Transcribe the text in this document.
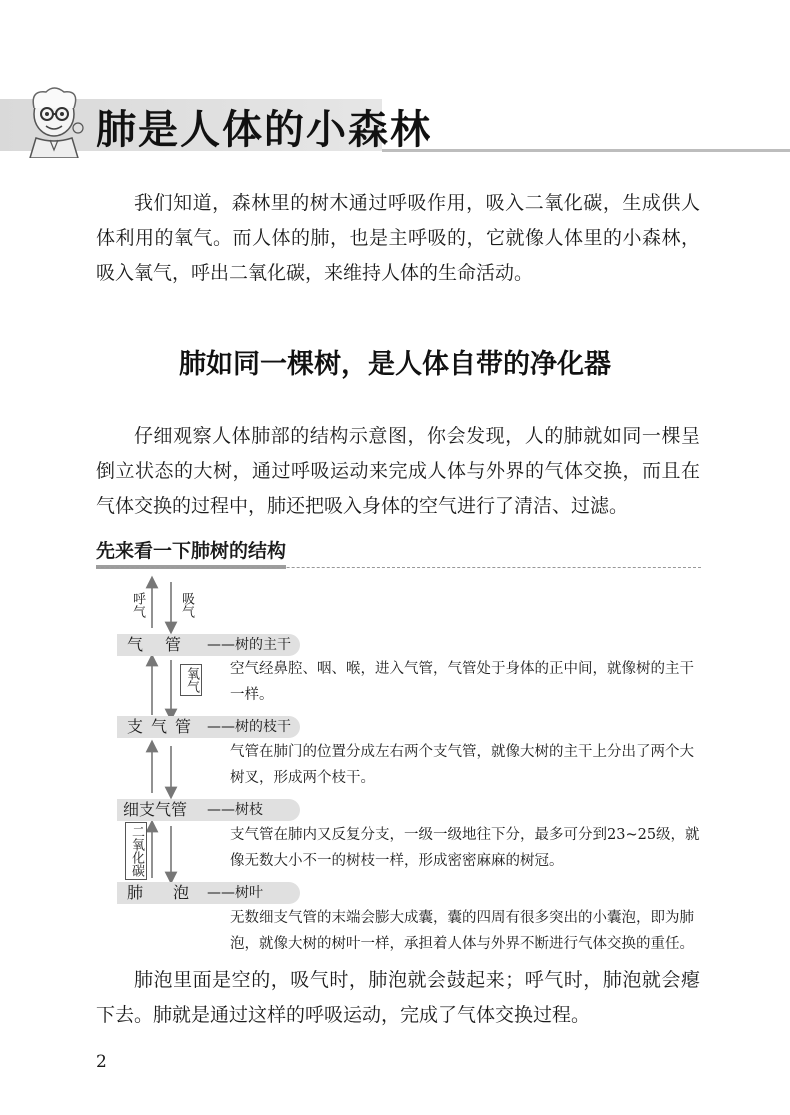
肺是人体的小森林

我们知道，森林里的树木通过呼吸作用，吸入二氧化碳，生成供人体利用的氧气。而人体的肺，也是主呼吸的，它就像人体里的小森林，吸入氧气，呼出二氧化碳，来维持人体的生命活动。

肺如同一棵树，是人体自带的净化器

仔细观察人体肺部的结构示意图，你会发现，人的肺就如同一棵呈倒立状态的大树，通过呼吸运动来完成人体与外界的气体交换，而且在气体交换的过程中，肺还把吸入身体的空气进行了清洁、过滤。

先来看一下肺树的结构
呼气	吸气
氧气
二氧化碳
气管 ——树的主干
空气经鼻腔、咽、喉，进入气管，气管处于身体的正中间，就像树的主干一样。
支气管 ——树的枝干
气管在肺门的位置分成左右两个支气管，就像大树的主干上分出了两个大树叉，形成两个枝干。
细支气管 ——树枝
支气管在肺内又反复分支，一级一级地往下分，最多可分到23~25级，就像无数大小不一的树枝一样，形成密密麻麻的树冠。
肺泡
——树叶
无数细支气管的末端会膨大成囊，囊的四周有很多突出的小囊泡，即为肺泡，就像大树的树叶一样，承担着人体与外界不断进行气体交换的重任。

肺泡里面是空的，吸气时，肺泡就会鼓起来；呼气时，肺泡就会瘪下去。肺就是通过这样的呼吸运动，完成了气体交换过程。

2
